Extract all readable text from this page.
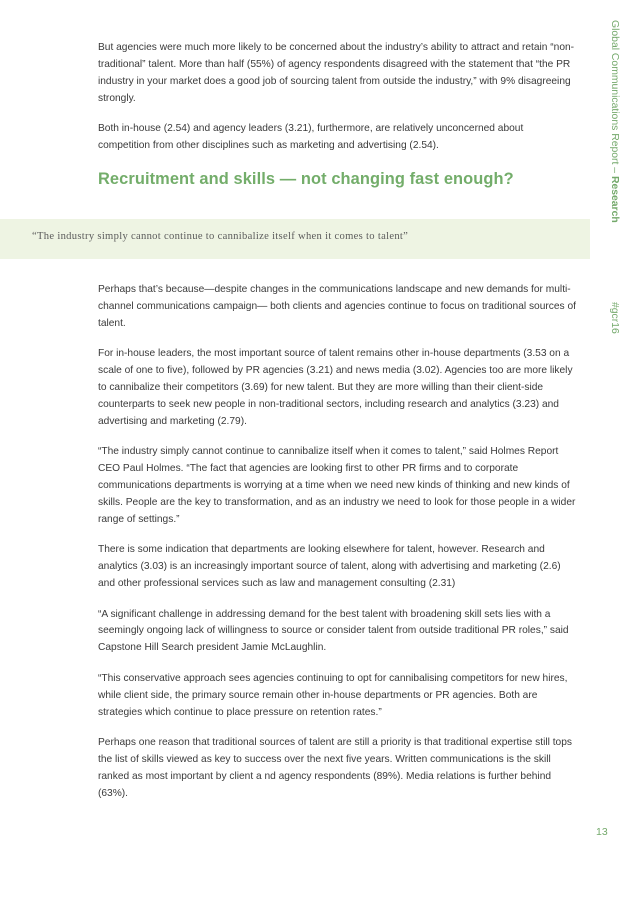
But agencies were much more likely to be concerned about the industry’s ability to attract and retain “non-traditional” talent. More than half (55%) of agency respondents disagreed with the statement that “the PR industry in your market does a good job of sourcing talent from outside the industry,” with 9% disagreeing strongly.

Both in-house (2.54) and agency leaders (3.21), furthermore, are relatively unconcerned about competition from other disciplines such as marketing and advertising (2.54).

Recruitment and skills — not changing fast enough?

“The industry simply cannot continue to cannibalize itself when it comes to talent”

Perhaps that’s because—despite changes in the communications landscape and new demands for multi-channel communications campaign— both clients and agencies continue to focus on traditional sources of talent.

For in-house leaders, the most important source of talent remains other in-house departments (3.53 on a scale of one to five), followed by PR agencies (3.21) and news media (3.02). Agencies too are more likely to cannibalize their competitors (3.69) for new talent. But they are more willing than their client-side counterparts to seek new people in non-traditional sectors, including research and analytics (3.23) and advertising and marketing (2.79).

“The industry simply cannot continue to cannibalize itself when it comes to talent,” said Holmes Report CEO Paul Holmes. “The fact that agencies are looking first to other PR firms and to corporate communications departments is worrying at a time when we need new kinds of thinking and new kinds of skills. People are the key to transformation, and as an industry we need to look for those people in a wider range of settings.”

There is some indication that departments are looking elsewhere for talent, however. Research and analytics (3.03) is an increasingly important source of talent, along with advertising and marketing (2.6) and other professional services such as law and management consulting (2.31)

“A significant challenge in addressing demand for the best talent with broadening skill sets lies with a seemingly ongoing lack of willingness to source or consider talent from outside traditional PR roles,” said Capstone Hill Search president Jamie McLaughlin.

“This conservative approach sees agencies continuing to opt for cannibalising competitors for new hires, while client side, the primary source remain other in-house departments or PR agencies. Both are strategies which continue to place pressure on retention rates.”

Perhaps one reason that traditional sources of talent are still a priority is that traditional expertise still tops the list of skills viewed as key to success over the next five years. Written communications is the skill ranked as most important by client a nd agency respondents (89%). Media relations is further behind (63%).

Global Communications Report – Research
#gcr16

13
